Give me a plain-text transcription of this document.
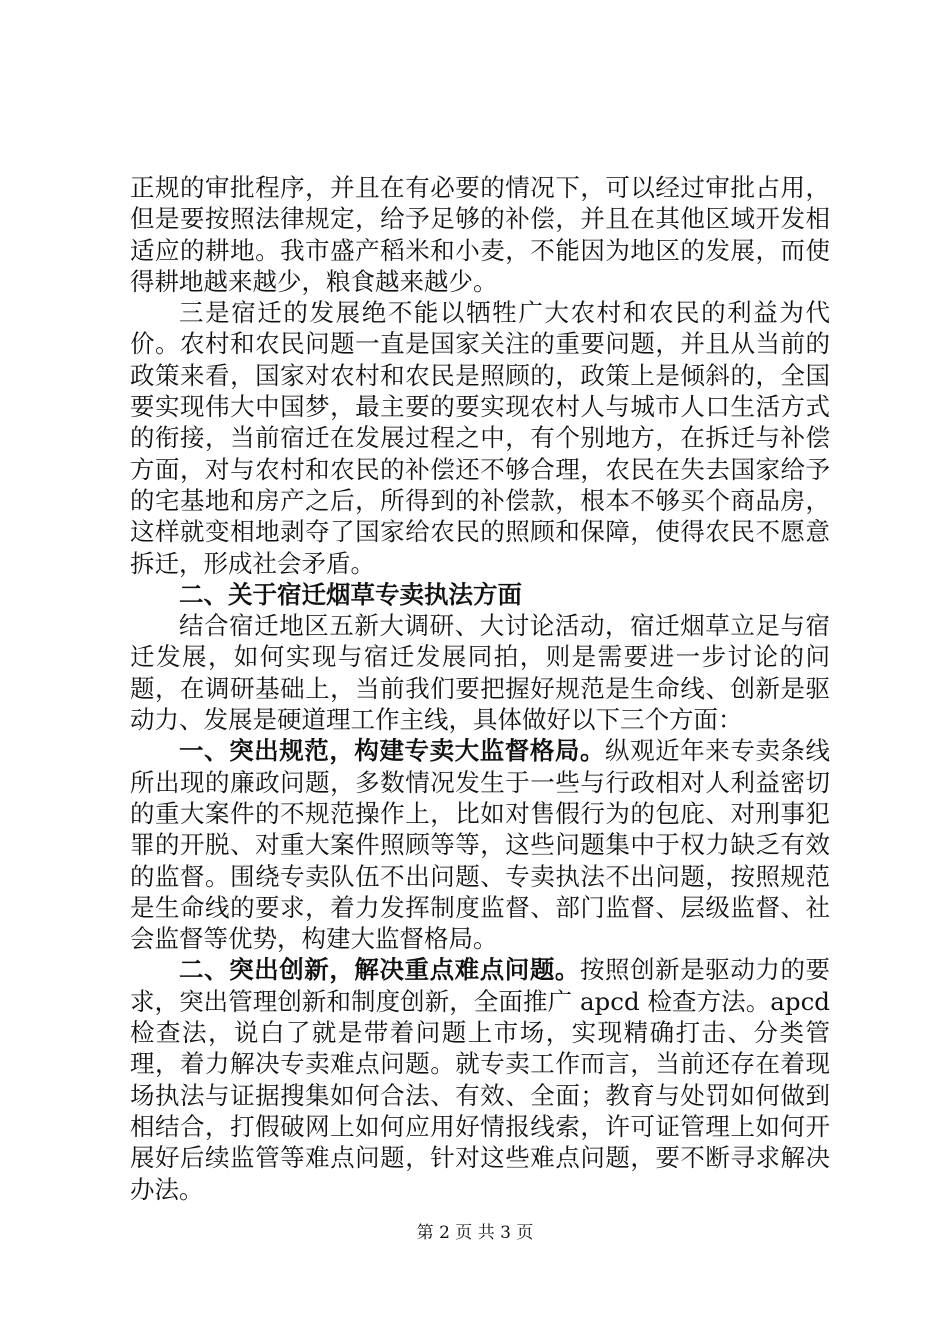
正规的审批程序，并且在有必要的情况下，可以经过审批占用，但是要按照法律规定，给予足够的补偿，并且在其他区域开发相适应的耕地。我市盛产稻米和小麦，不能因为地区的发展，而使得耕地越来越少，粮食越来越少。

三是宿迁的发展绝不能以牺牲广大农村和农民的利益为代价。农村和农民问题一直是国家关注的重要问题，并且从当前的政策来看，国家对农村和农民是照顾的，政策上是倾斜的，全国要实现伟大中国梦，最主要的要实现农村人与城市人口生活方式的衔接，当前宿迁在发展过程之中，有个别地方，在拆迁与补偿方面，对与农村和农民的补偿还不够合理，农民在失去国家给予的宅基地和房产之后，所得到的补偿款，根本不够买个商品房，这样就变相地剥夺了国家给农民的照顾和保障，使得农民不愿意拆迁，形成社会矛盾。

二、关于宿迁烟草专卖执法方面

结合宿迁地区五新大调研、大讨论活动，宿迁烟草立足与宿迁发展，如何实现与宿迁发展同拍，则是需要进一步讨论的问题，在调研基础上，当前我们要把握好规范是生命线、创新是驱动力、发展是硬道理工作主线，具体做好以下三个方面：

一、突出规范，构建专卖大监督格局。纵观近年来专卖条线所出现的廉政问题，多数情况发生于一些与行政相对人利益密切的重大案件的不规范操作上，比如对售假行为的包庇、对刑事犯罪的开脱、对重大案件照顾等等，这些问题集中于权力缺乏有效的监督。围绕专卖队伍不出问题、专卖执法不出问题，按照规范是生命线的要求，着力发挥制度监督、部门监督、层级监督、社会监督等优势，构建大监督格局。

二、突出创新，解决重点难点问题。按照创新是驱动力的要求，突出管理创新和制度创新，全面推广 apcd 检查方法。apcd 检查法，说白了就是带着问题上市场，实现精确打击、分类管理，着力解决专卖难点问题。就专卖工作而言，当前还存在着现场执法与证据搜集如何合法、有效、全面；教育与处罚如何做到相结合，打假破网上如何应用好情报线索，许可证管理上如何开展好后续监管等难点问题，针对这些难点问题，要不断寻求解决办法。

第 2 页 共 3 页
